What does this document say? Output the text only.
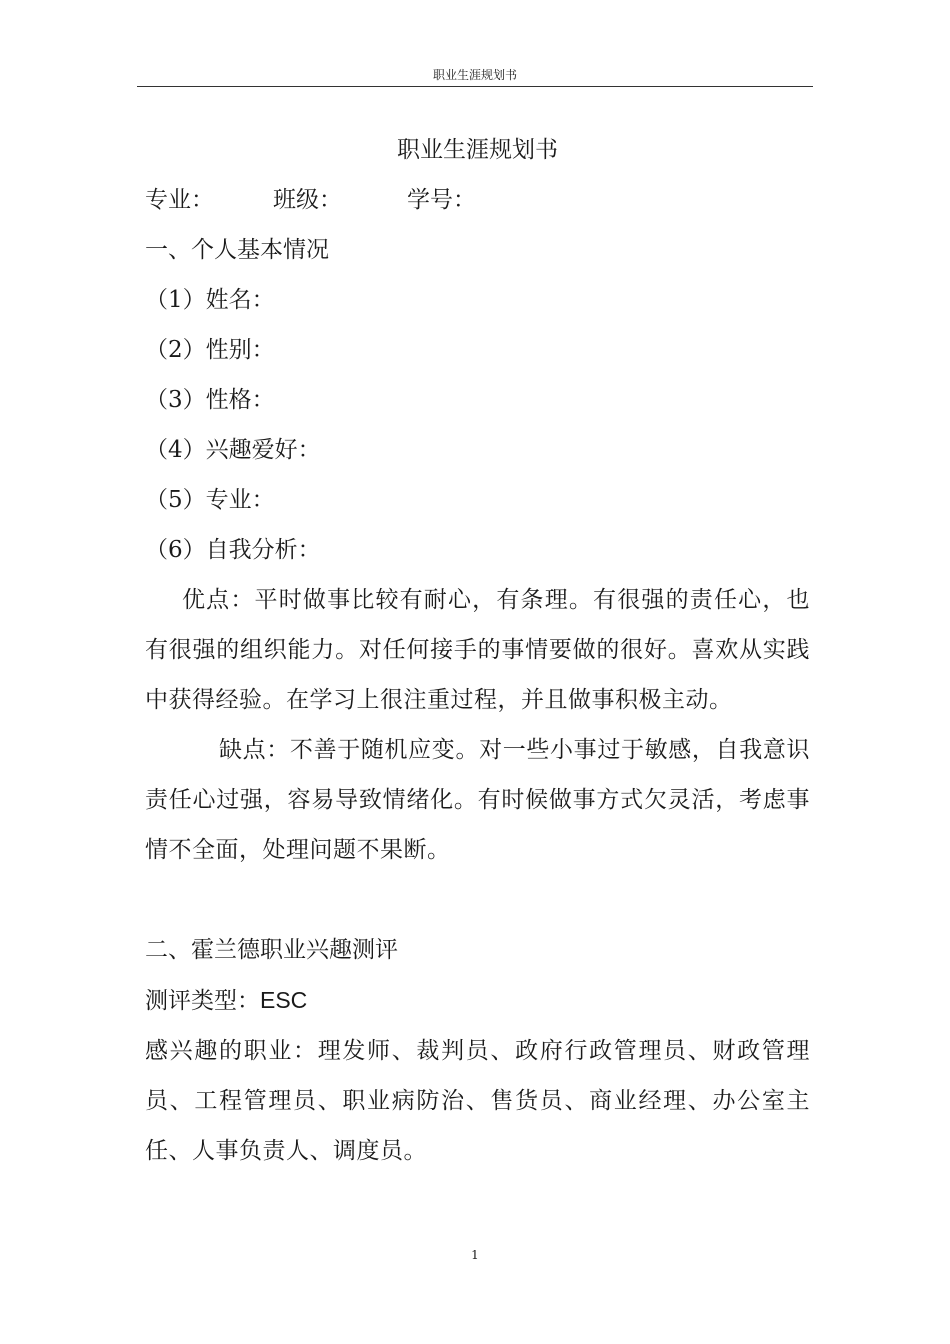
职业生涯规划书
职业生涯规划书
专业：	班级：	学号：
一、个人基本情况
（1）姓名：
（2）性别：
（3）性格：
（4）兴趣爱好：
（5）专业：
（6）自我分析：

优点：平时做事比较有耐心，有条理。有很强的责任心，也有很强的组织能力。对任何接手的事情要做的很好。喜欢从实践中获得经验。在学习上很注重过程，并且做事积极主动。

缺点：不善于随机应变。对一些小事过于敏感，自我意识责任心过强，容易导致情绪化。有时候做事方式欠灵活，考虑事情不全面，处理问题不果断。

二、霍兰德职业兴趣测评
测评类型：ESC

感兴趣的职业：理发师、裁判员、政府行政管理员、财政管理员、工程管理员、职业病防治、售货员、商业经理、办公室主任、人事负责人、调度员。

1
